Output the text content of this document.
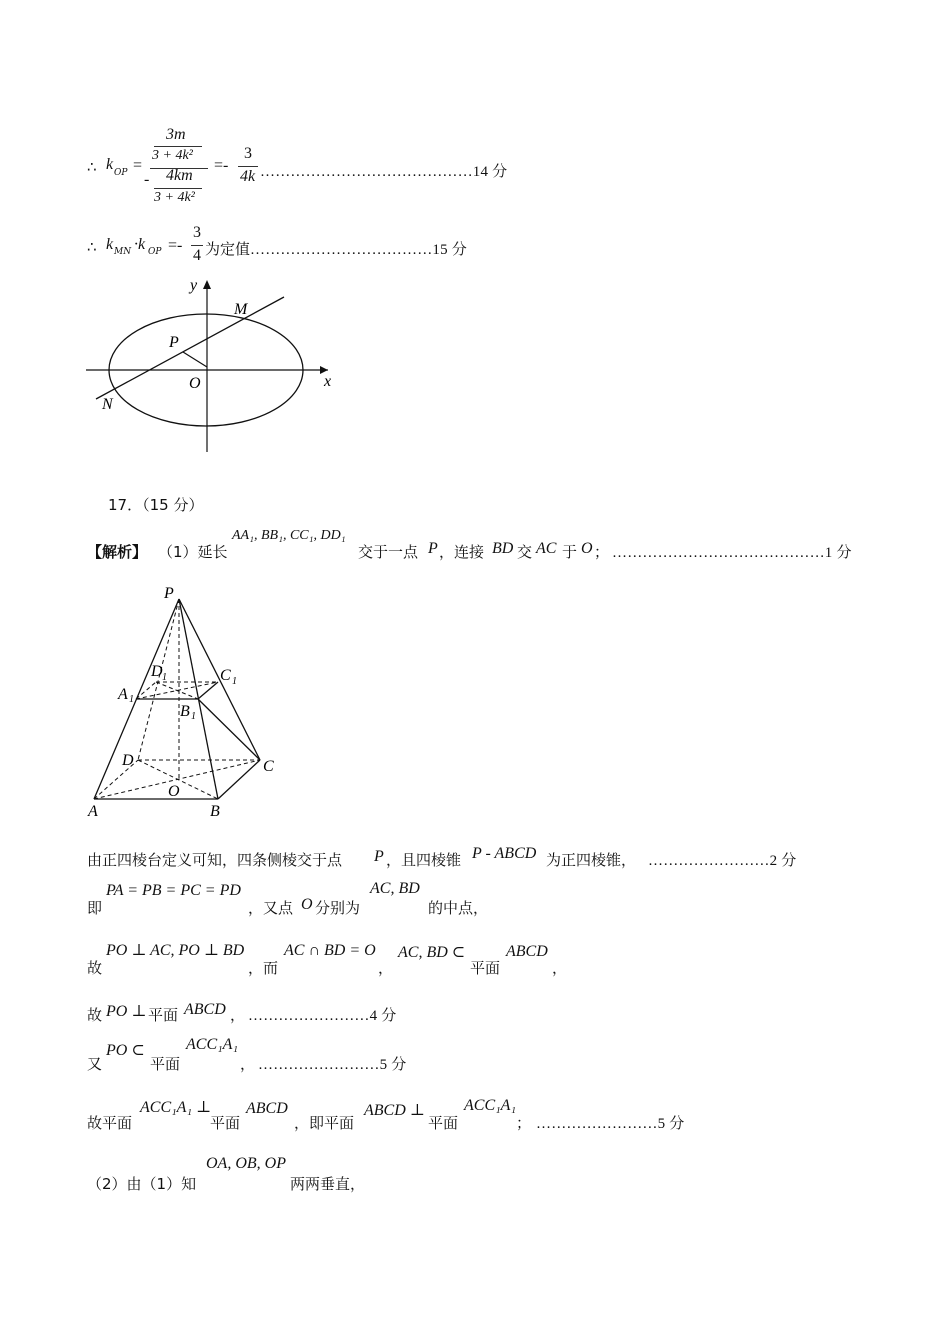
∴ k OP =
3m
3 + 4k²
- 4km
3 + 4k²
=-
3
4k ……………………………………14 分
∴ k MN ·k OP =-
3
4 为定值 ………………………………15 分
y
x
M
P
O
N
17．（15 分）
【解析】 （1）延长
AA₁, BB₁, CC₁, DD₁
交于一点 P ，连接 BD 交 AC 于 O ； ……………………………………1 分
P
D 1	C 1
A 1
B 1
D	C
O
A	B
由正四棱台定义可知，四条侧棱交于点 P ，且四棱锥 P - ABCD 为正四棱锥， ……………………2 分
即
PA = PB = PC = PD
，又点 O 分别为
AC, BD
的中点，
故
PO ⊥ AC, PO ⊥ BD
，而
AC ∩ BD = O
，
AC, BD ⊂
平面
ABCD
，
故 PO ⊥ 平面 ABCD ， ……………………4 分
又
PO ⊂
平面
ACC₁A₁
， ……………………5 分
故平面
ACC₁A₁ ⊥
平面
ABCD
，即平面
ABCD ⊥
平面
ACC₁A₁
； ……………………5 分
（2）由（1）知
OA, OB, OP
两两垂直，
